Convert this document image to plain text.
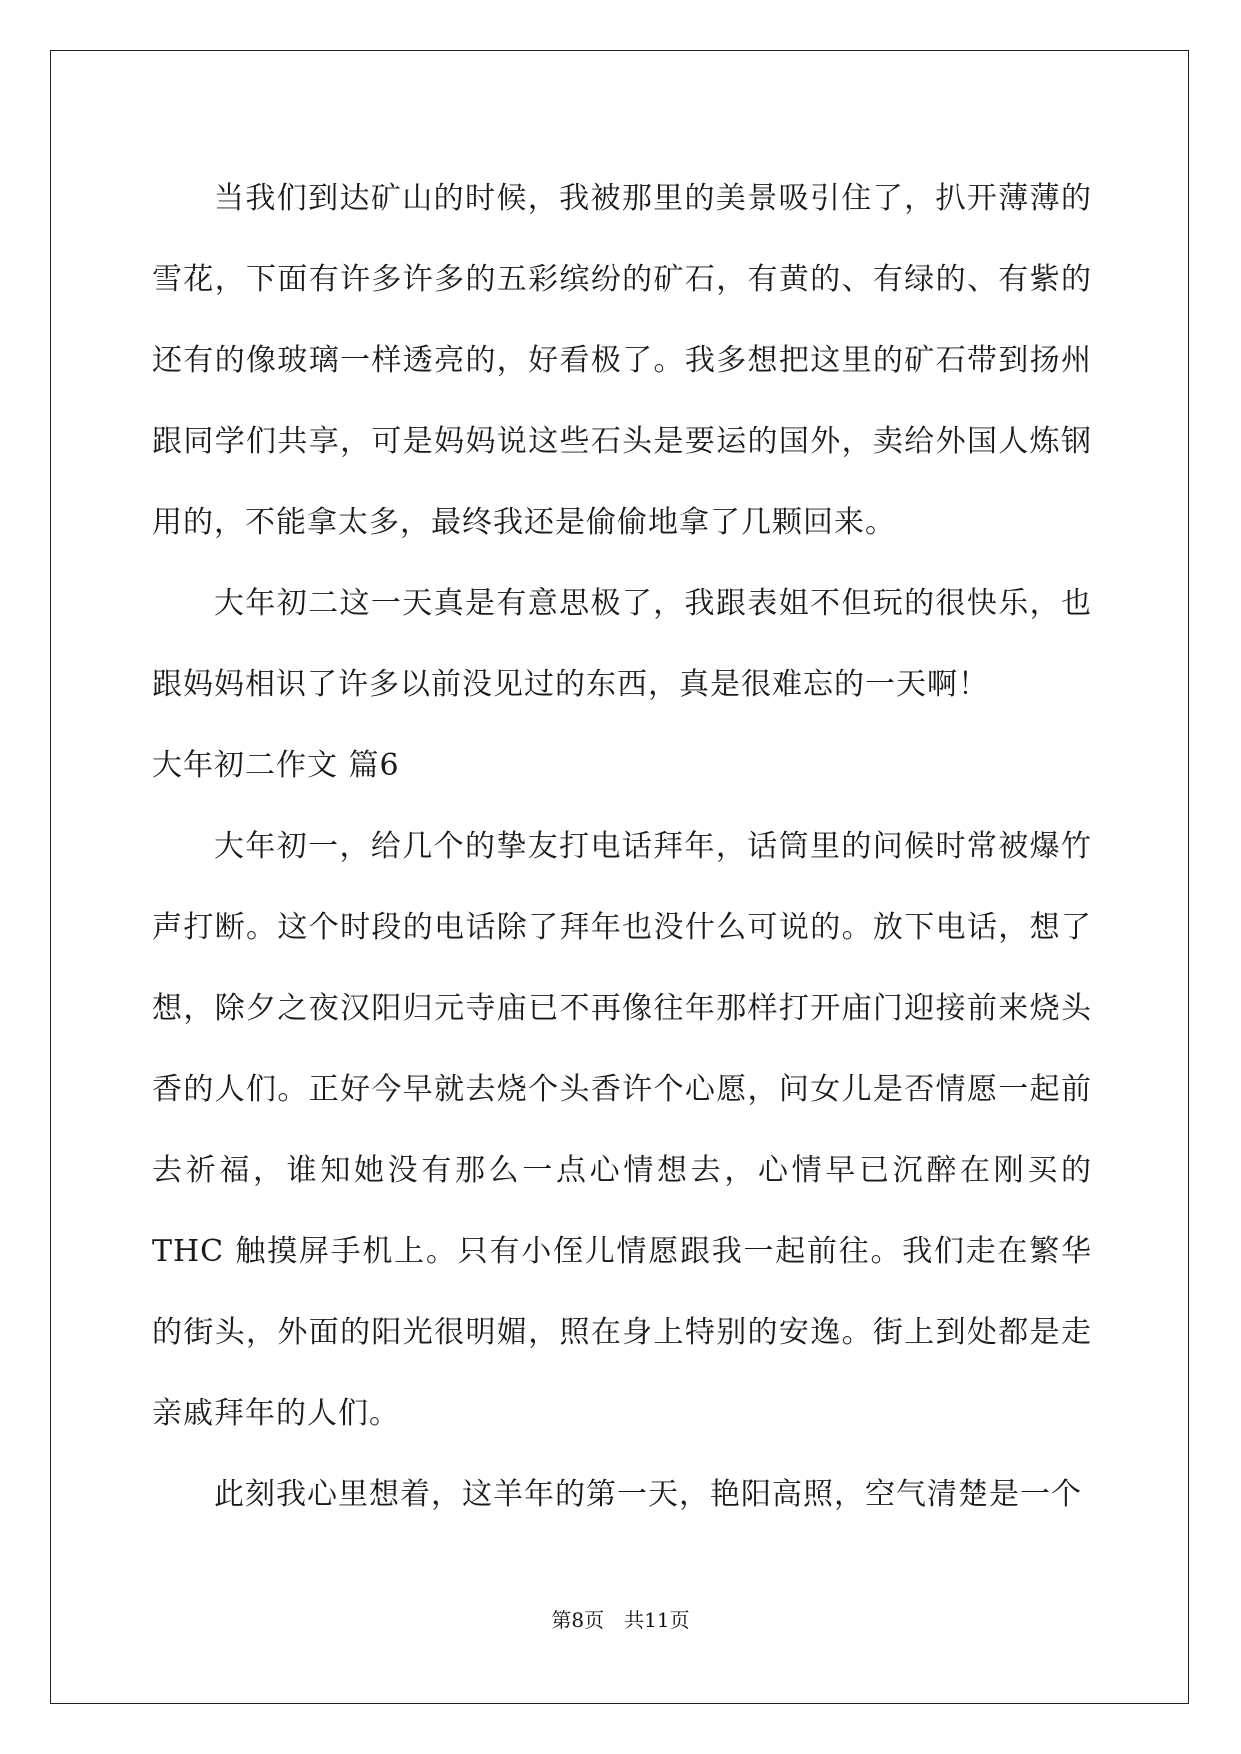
当我们到达矿山的时候，我被那里的美景吸引住了，扒开薄薄的雪花，下面有许多许多的五彩缤纷的矿石，有黄的、有绿的、有紫的还有的像玻璃一样透亮的，好看极了。我多想把这里的矿石带到扬州跟同学们共享，可是妈妈说这些石头是要运的国外，卖给外国人炼钢用的，不能拿太多，最终我还是偷偷地拿了几颗回来。

大年初二这一天真是有意思极了，我跟表姐不但玩的很快乐，也跟妈妈相识了许多以前没见过的东西，真是很难忘的一天啊！

大年初二作文 篇6

大年初一，给几个的挚友打电话拜年，话筒里的问候时常被爆竹声打断。这个时段的电话除了拜年也没什么可说的。放下电话，想了想，除夕之夜汉阳归元寺庙已不再像往年那样打开庙门迎接前来烧头香的人们。正好今早就去烧个头香许个心愿，问女儿是否情愿一起前去祈福，谁知她没有那么一点心情想去，心情早已沉醉在刚买的 THC 触摸屏手机上。只有小侄儿情愿跟我一起前往。我们走在繁华的街头，外面的阳光很明媚，照在身上特别的安逸。街上到处都是走亲戚拜年的人们。

此刻我心里想着，这羊年的第一天，艳阳高照，空气清楚是一个

第8页　共11页
